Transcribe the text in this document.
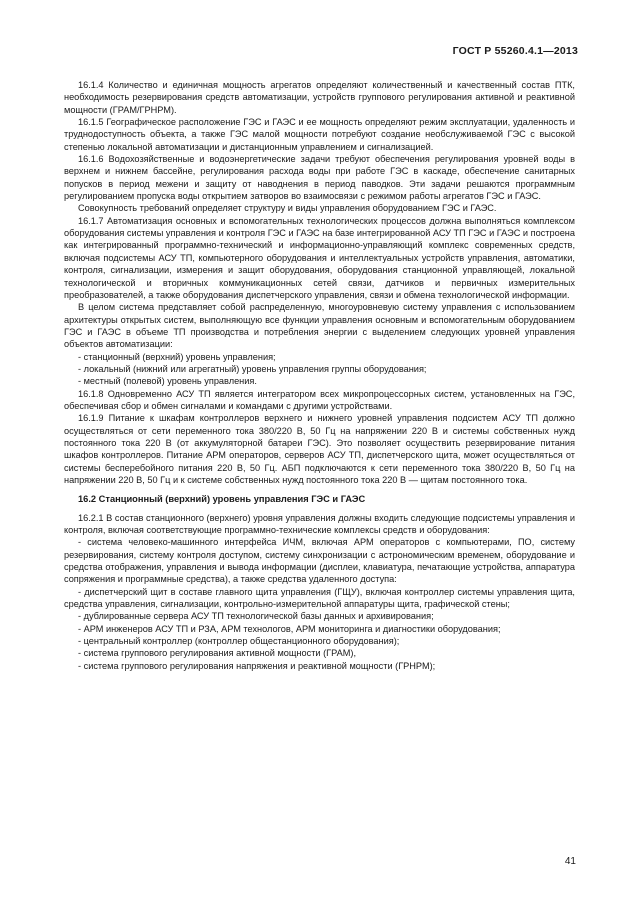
ГОСТ Р 55260.4.1—2013

16.1.4 Количество и единичная мощность агрегатов определяют количественный и качественный состав ПТК, необходимость резервирования средств автоматизации, устройств группового регулирования активной и реактивной мощности (ГРАМ/ГРНРМ).

16.1.5 Географическое расположение ГЭС и ГАЭС и ее мощность определяют режим эксплуатации, удаленность и труднодоступность объекта, а также ГЭС малой мощности потребуют создание необслуживаемой ГЭС с высокой степенью локальной автоматизации и дистанционным управлением и сигнализацией.

16.1.6 Водохозяйственные и водоэнергетические задачи требуют обеспечения регулирования уровней воды в верхнем и нижнем бассейне, регулирования расхода воды при работе ГЭС в каскаде, обеспечение санитарных попусков в период межени и защиту от наводнения в период паводков. Эти задачи решаются программным регулированием пропуска воды открытием затворов во взаимосвязи с режимом работы агрегатов ГЭС и ГАЭС.

Совокупность требований определяет структуру и виды управления оборудованием ГЭС и ГАЭС.

16.1.7 Автоматизация основных и вспомогательных технологических процессов должна выполняться комплексом оборудования системы управления и контроля ГЭС и ГАЭС на базе интегрированной АСУ ТП ГЭС и ГАЭС и построена как интегрированный программно-технический и информационно-управляющий комплекс современных средств, включая подсистемы АСУ ТП, компьютерного оборудования и интеллектуальных устройств управления, автоматики, контроля, сигнализации, измерения и защит оборудования, оборудования станционной управляющей, локальной технологической и вторичных коммуникационных сетей связи, датчиков и первичных измерительных преобразователей, а также оборудования диспетчерского управления, связи и обмена технологической информации.

В целом система представляет собой распределенную, многоуровневую систему управления с использованием архитектуры открытых систем, выполняющую все функции управления основным и вспомогательным оборудованием ГЭС и ГАЭС в объеме ТП производства и потребления энергии с выделением следующих уровней управления объектов автоматизации:

- станционный (верхний) уровень управления;

- локальный (нижний или агрегатный) уровень управления группы оборудования;

- местный (полевой) уровень управления.

16.1.8 Одновременно АСУ ТП является интегратором всех микропроцессорных систем, установленных на ГЭС, обеспечивая сбор и обмен сигналами и командами с другими устройствами.

16.1.9 Питание к шкафам контроллеров верхнего и нижнего уровней управления подсистем АСУ ТП должно осуществляться от сети переменного тока 380/220 В, 50 Гц на напряжении 220 В и системы собственных нужд постоянного тока 220 В (от аккумуляторной батареи ГЭС). Это позволяет осуществить резервирование питания шкафов контроллеров. Питание АРМ операторов, серверов АСУ ТП, диспетчерского щита, может осуществляться от системы бесперебойного питания 220 В, 50 Гц. АБП подключаются к сети переменного тока 380/220 В, 50 Гц на напряжении 220 В, 50 Гц и к системе собственных нужд постоянного тока 220 В — щитам постоянного тока.

16.2 Станционный (верхний) уровень управления ГЭС и ГАЭС

16.2.1 В состав станционного (верхнего) уровня управления должны входить следующие подсистемы управления и контроля, включая соответствующие программно-технические комплексы средств и оборудования:

- система человеко-машинного интерфейса ИЧМ, включая АРМ операторов с компьютерами, ПО, систему резервирования, систему контроля доступом, систему синхронизации с астрономическим временем, оборудование и средства отображения, управления и вывода информации (дисплеи, клавиатура, печатающие устройства, аппаратура сопряжения и программные средства), а также средства удаленного доступа:

- диспетчерский щит в составе главного щита управления (ГЩУ), включая контроллер системы управления щита, средства управления, сигнализации, контрольно-измерительной аппаратуры щита, графической стены;

- дублированные сервера АСУ ТП технологической базы данных и архивирования;

- АРМ инженеров АСУ ТП и РЗА, АРМ технологов, АРМ мониторинга и диагностики оборудования;

- центральный контроллер (контроллер общестанционного оборудования);

- система группового регулирования активной мощности (ГРАМ),

- система группового регулирования напряжения и реактивной мощности (ГРНРМ);

41
